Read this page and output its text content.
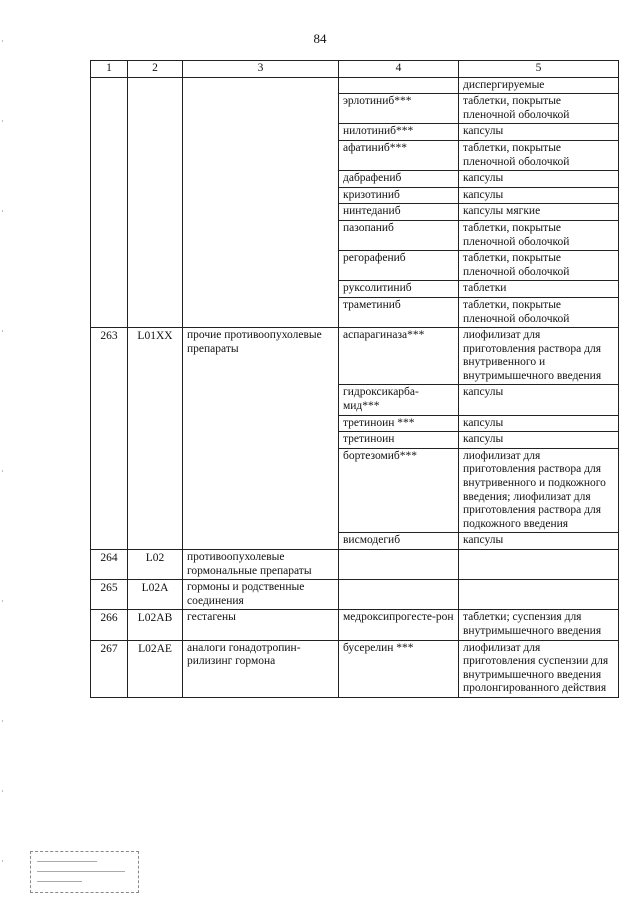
84
1	2	3	4	5
				диспергируемые
			эрлотиниб***	таблетки, покрытые пленочной оболочкой
			нилотиниб***	капсулы
			афатиниб***	таблетки, покрытые пленочной оболочкой
			дабрафениб	капсулы
			кризотиниб	капсулы
			нинтеданиб	капсулы мягкие
			пазопаниб	таблетки, покрытые пленочной оболочкой
			регорафениб	таблетки, покрытые пленочной оболочкой
			руксолитиниб	таблетки
			траметиниб	таблетки, покрытые пленочной оболочкой
263	L01XX	прочие противоопухолевые препараты	аспарагиназа***	лиофилизат для приготовления раствора для внутривенного и внутримышечного введения
			гидроксикарба-мид***	капсулы
			третиноин ***	капсулы
			третиноин	капсулы
			бортезомиб***	лиофилизат для приготовления раствора для внутривенного и подкожного введения; лиофилизат для приготовления раствора для подкожного введения
			висмодегиб	капсулы
264	L02	противоопухолевые гормональные препараты		
265	L02A	гормоны и родственные соединения		
266	L02AB	гестагены	медроксипрогесте-рон	таблетки; суспензия для внутримышечного введения
267	L02AE	аналоги гонадотропин-рилизинг гормона	бусерелин ***	лиофилизат для приготовления суспензии для внутримышечного введения пролонгированного действия
